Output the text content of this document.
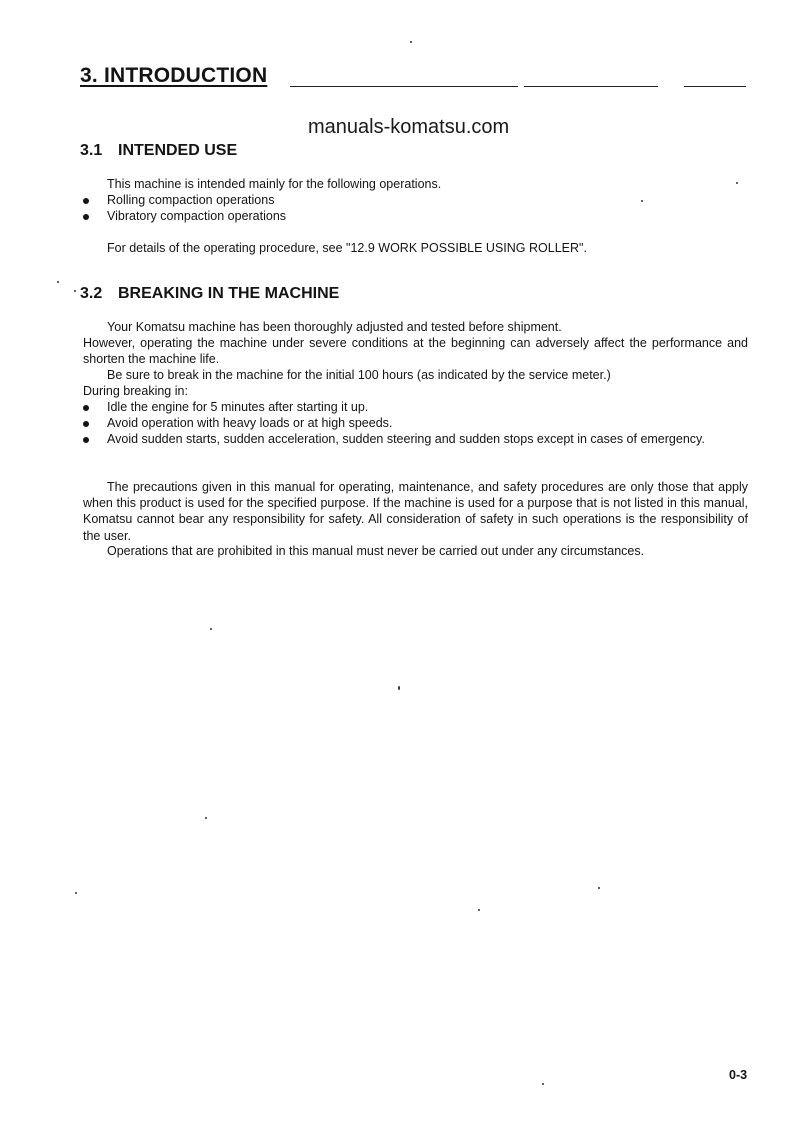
3. INTRODUCTION
manuals-komatsu.com
3.1 INTENDED USE

This machine is intended mainly for the following operations.

Rolling compaction operations
Vibratory compaction operations

For details of the operating procedure, see "12.9 WORK POSSIBLE USING ROLLER".

3.2 BREAKING IN THE MACHINE

Your Komatsu machine has been thoroughly adjusted and tested before shipment.

However, operating the machine under severe conditions at the beginning can adversely affect the performance and shorten the machine life.

Be sure to break in the machine for the initial 100 hours (as indicated by the service meter.)

During breaking in:

Idle the engine for 5 minutes after starting it up.
Avoid operation with heavy loads or at high speeds.
Avoid sudden starts, sudden acceleration, sudden steering and sudden stops except in cases of emergency.

The precautions given in this manual for operating, maintenance, and safety procedures are only those that apply when this product is used for the specified purpose. If the machine is used for a purpose that is not listed in this manual, Komatsu cannot bear any responsibility for safety. All consideration of safety in such operations is the responsibility of the user.

Operations that are prohibited in this manual must never be carried out under any circumstances.

0-3
